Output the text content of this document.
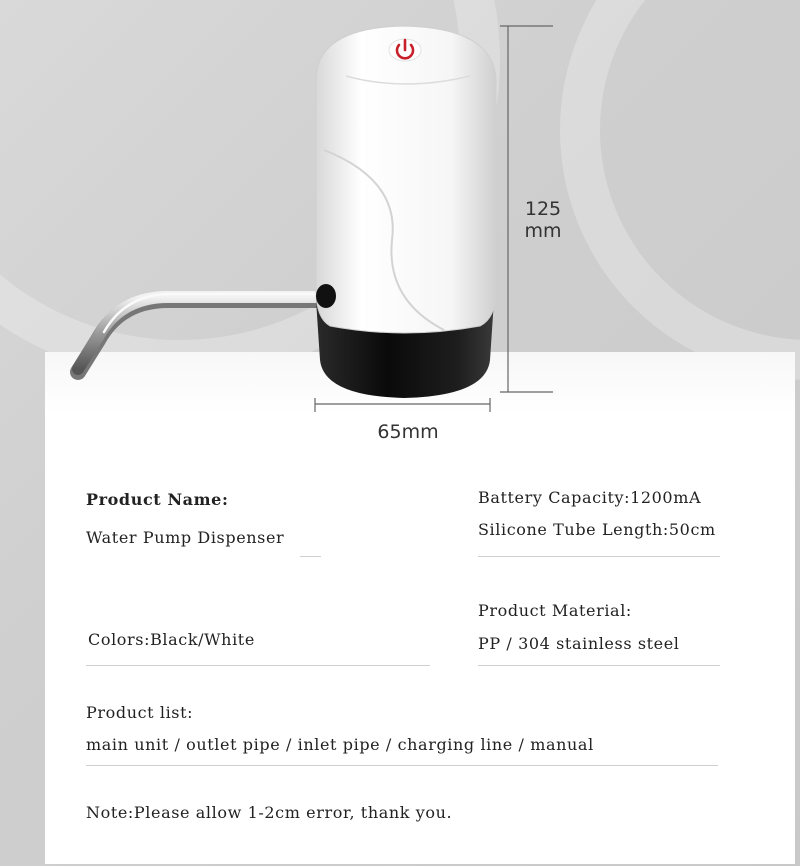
125
mm
65mm
Product Name:
Water Pump Dispenser
Battery Capacity:1200mA
Silicone Tube Length:50cm
Product Material:
PP / 304 stainless steel
Colors:Black/White
Product list:
main unit / outlet pipe / inlet pipe / charging line / manual
Note:Please allow 1-2cm error, thank you.
